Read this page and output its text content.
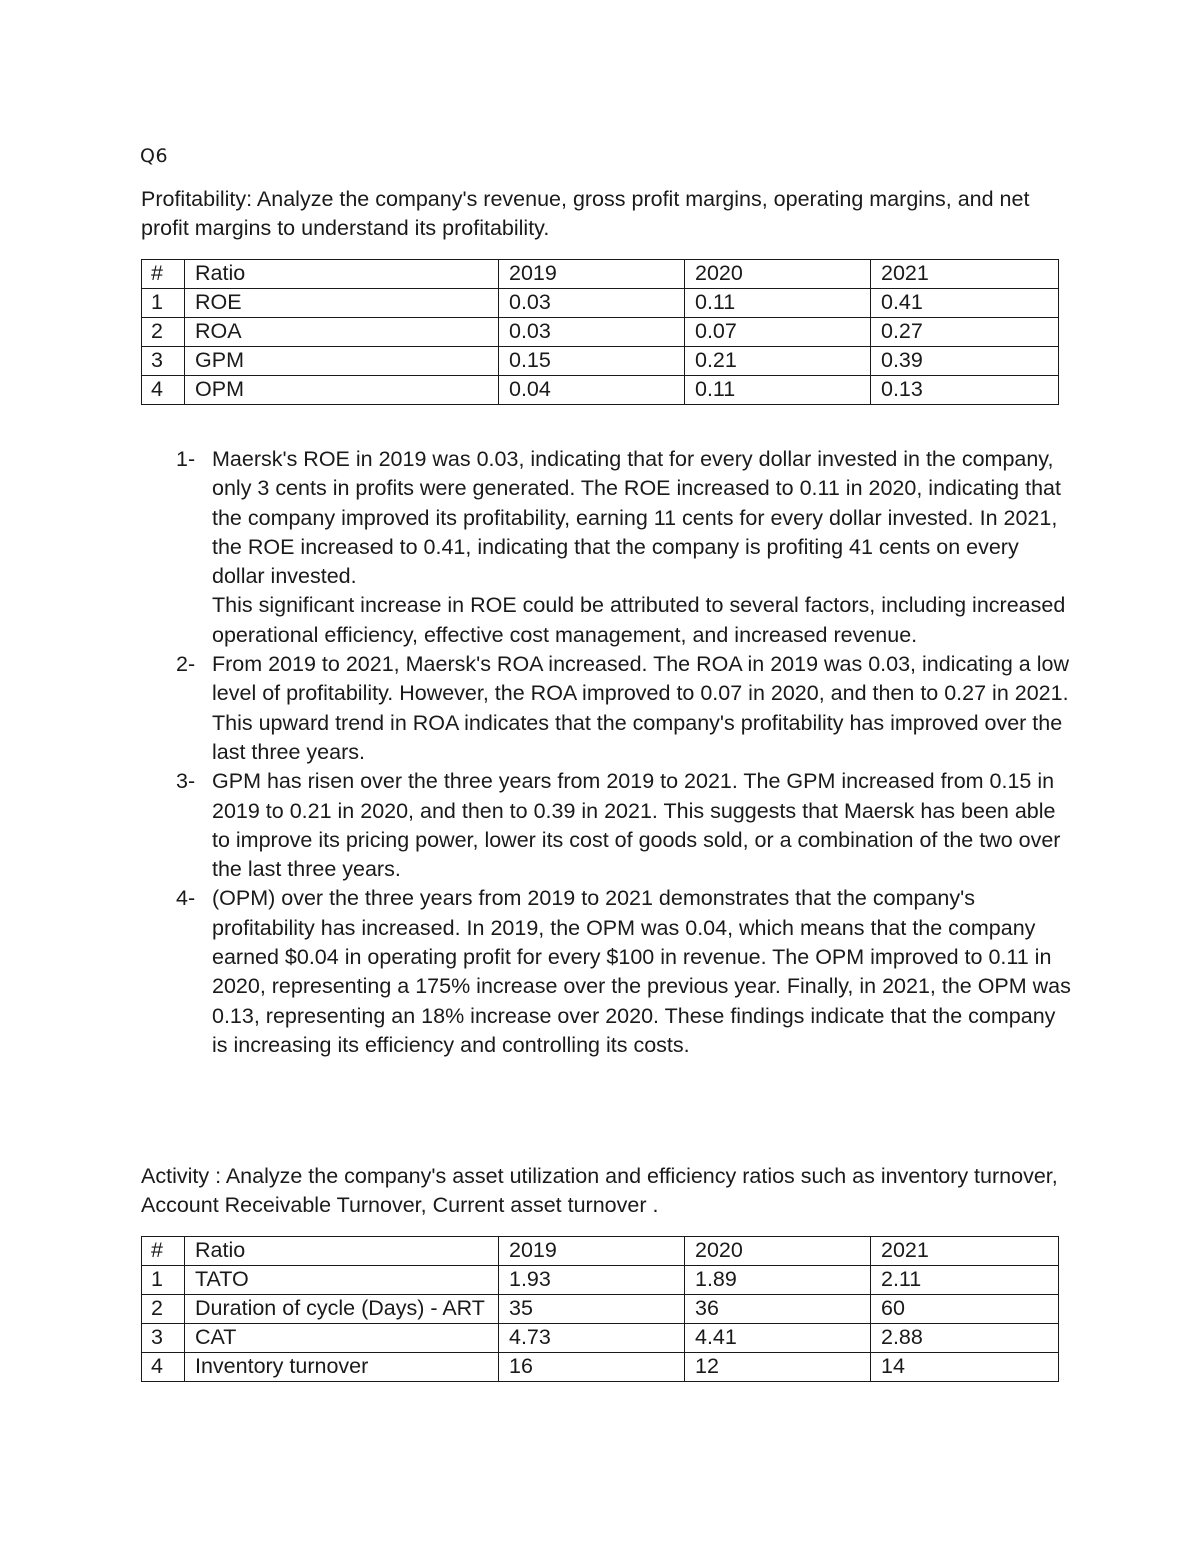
Q6

Profitability: Analyze the company's revenue, gross profit margins, operating margins, and net profit margins to understand its profitability.

#	Ratio	2019	2020	2021
1	ROE	0.03	0.11	0.41
2	ROA	0.03	0.07	0.27
3	GPM	0.15	0.21	0.39
4	OPM	0.04	0.11	0.13
1- Maersk's ROE in 2019 was 0.03, indicating that for every dollar invested in the company, only 3 cents in profits were generated. The ROE increased to 0.11 in 2020, indicating that the company improved its profitability, earning 11 cents for every dollar invested. In 2021, the ROE increased to 0.41, indicating that the company is profiting 41 cents on every dollar invested.

This significant increase in ROE could be attributed to several factors, including increased operational efficiency, effective cost management, and increased revenue.

2- From 2019 to 2021, Maersk's ROA increased. The ROA in 2019 was 0.03, indicating a low level of profitability. However, the ROA improved to 0.07 in 2020, and then to 0.27 in 2021. This upward trend in ROA indicates that the company's profitability has improved over the last three years.

3- GPM has risen over the three years from 2019 to 2021. The GPM increased from 0.15 in 2019 to 0.21 in 2020, and then to 0.39 in 2021. This suggests that Maersk has been able to improve its pricing power, lower its cost of goods sold, or a combination of the two over the last three years.

4- (OPM) over the three years from 2019 to 2021 demonstrates that the company's profitability has increased. In 2019, the OPM was 0.04, which means that the company earned $0.04 in operating profit for every $100 in revenue. The OPM improved to 0.11 in 2020, representing a 175% increase over the previous year. Finally, in 2021, the OPM was 0.13, representing an 18% increase over 2020. These findings indicate that the company is increasing its efficiency and controlling its costs.

Activity : Analyze the company's asset utilization and efficiency ratios such as inventory turnover, Account Receivable Turnover, Current asset turnover .

#	Ratio	2019	2020	2021
1	TATO	1.93	1.89	2.11
2	Duration of cycle (Days) - ART	35	36	60
3	CAT	4.73	4.41	2.88
4	Inventory turnover	16	12	14
